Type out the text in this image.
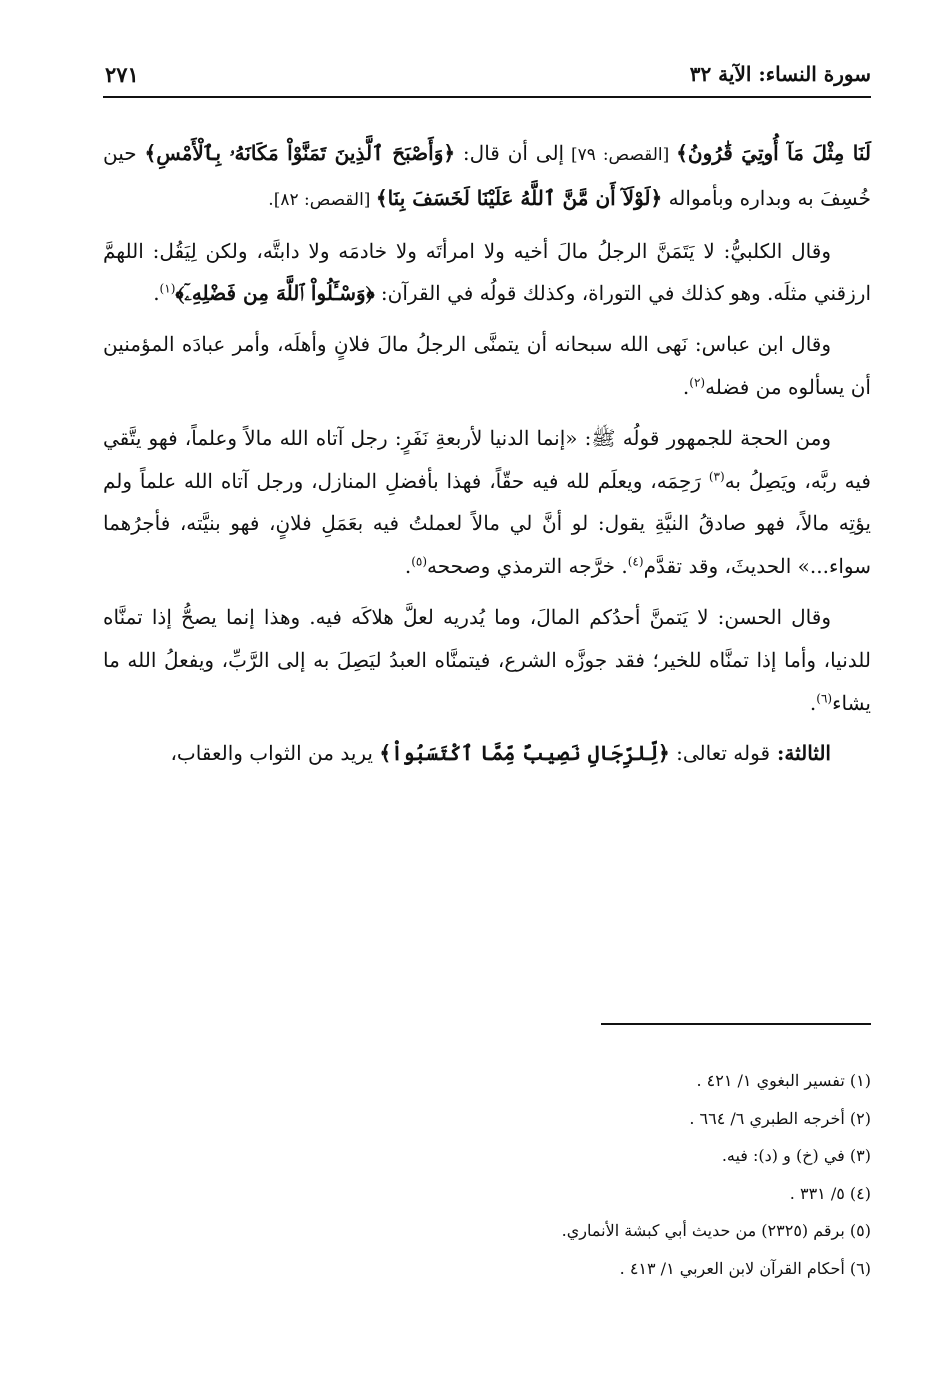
سورة النساء: الآية ٣٢
٢٧١

لَنَا مِثْلَ مَآ أُوتِيَ قَٰرُونُ﴾ [القصص: ٧٩] إلى أن قال: ﴿وَأَصْبَحَ ٱلَّذِينَ تَمَنَّوْاْ مَكَانَهُۥ بِٱلْأَمْسِ﴾ حين خُسِفَ به وبداره وبأمواله ﴿لَوْلَآ أَن مَّنَّ ٱللَّهُ عَلَيْنَا لَخَسَفَ بِنَا﴾ [القصص: ٨٢].

وقال الكلبيُّ: لا يَتَمَنَّ الرجلُ مالَ أخيه ولا امرأتَه ولا خادمَه ولا دابتَّه، ولكن لِيَقُل: اللهمَّ ارزقني مثلَه. وهو كذلك في التوراة، وكذلك قولُه في القرآن: ﴿وَسْـَٔلُواْ ٱللَّهَ مِن فَضْلِهِۦٓ﴾$^{(١)}$.

وقال ابن عباس: نَهى الله سبحانه أن يتمنَّى الرجلُ مالَ فلانٍ وأهلَه، وأمر عبادَه المؤمنين أن يسألوه من فضله$^{(٢)}$.

ومن الحجة للجمهور قولُه ﷺ: «إنما الدنيا لأربعةِ نَفَرٍ: رجل آتاه الله مالاً وعلماً، فهو يتَّقي فيه ربَّه، ويَصِلُ به$^{(٣)}$ رَحِمَه، ويعلَم لله فيه حقّاً، فهذا بأفضلِ المنازل، ورجل آتاه الله علماً ولم يؤتِه مالاً، فهو صادقُ النيَّةِ يقول: لو أنَّ لي مالاً لعملتُ فيه بعَمَلِ فلانٍ، فهو بنيَّته، فأجرُهما سواء...» الحديثَ، وقد تقدَّم$^{(٤)}$. خرَّجه الترمذي وصححه$^{(٥)}$.

وقال الحسن: لا يَتمنَّ أحدُكم المالَ، وما يُدريه لعلَّ هلاكَه فيه. وهذا إنما يصحُّ إذا تمنَّاه للدنيا، وأما إذا تمنَّاه للخير؛ فقد جوزَّه الشرع، فيتمنَّاه العبدُ ليَصِلَ به إلى الرَّبِّ، ويفعلُ الله ما يشاء$^{(٦)}$.

الثالثة: قوله تعالى: ﴿لِّلرِّجَالِ نَصِيبٌ مِّمَّا ٱكْتَسَبُواْ﴾ يريد من الثواب والعقاب،

(١) تفسير البغوي ١/ ٤٢١ .
(٢) أخرجه الطبري ٦/ ٦٦٤ .
(٣) في (خ) و (د): فيه.
(٤) ٥/ ٣٣١ .
(٥) برقم (٢٣٢٥) من حديث أبي كبشة الأنماري.
(٦) أحكام القرآن لابن العربي ١/ ٤١٣ .
